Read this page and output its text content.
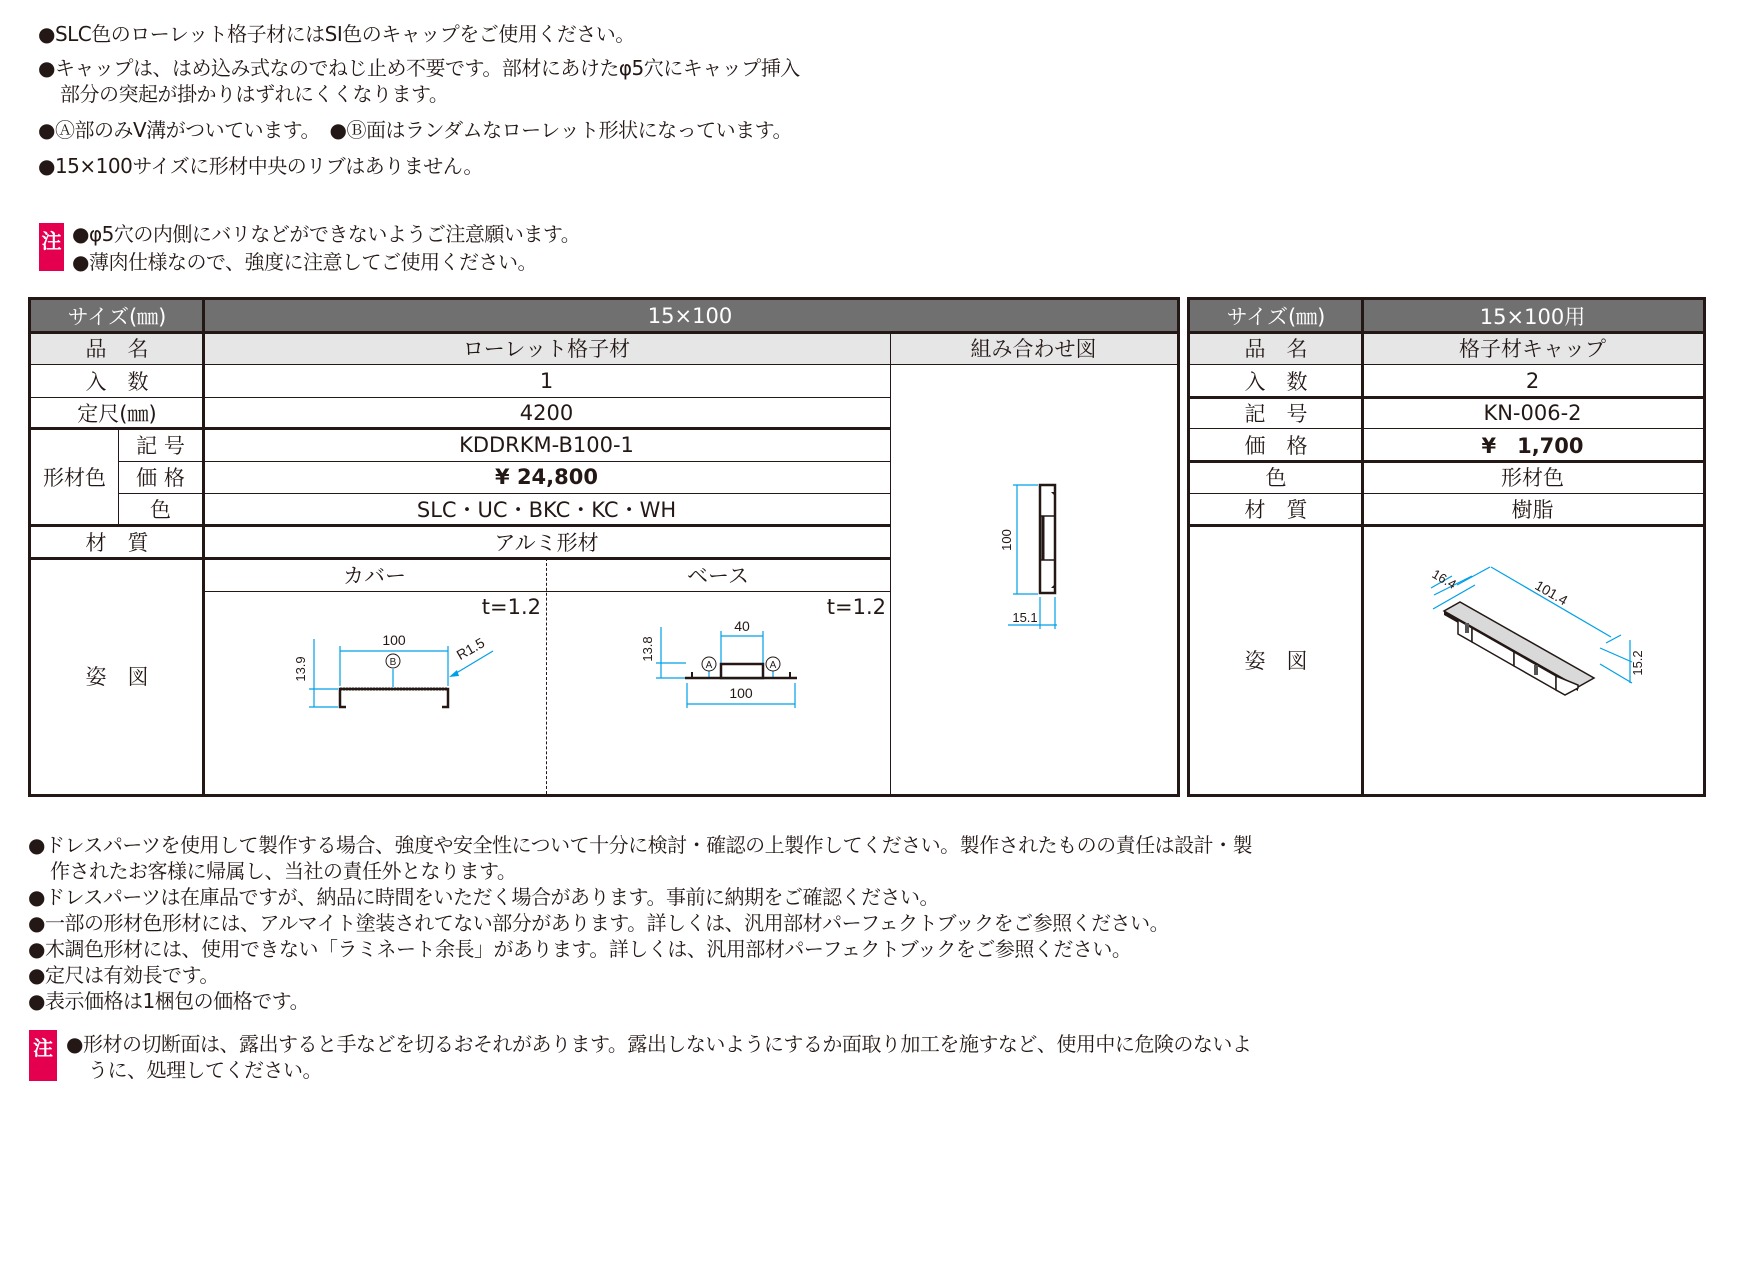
● SLC色のローレット格子材にはSI色のキャップをご使用ください。
● キャップは、はめ込み式なのでねじ止め不要です。部材にあけたφ5穴にキャップ挿入
部分の突起が掛かりはずれにくくなります。
● Ⓐ部のみV溝がついています。　●Ⓑ面はランダムなローレット形状になっています。
● 15×100サイズに形材中央のリブはありません。
注	● φ5穴の内側にバリなどができないようご注意願います。
● 薄肉仕様なので、強度に注意してご使用ください。
サイズ(㎜)	15×100
品　名	ローレット格子材	組み合わせ図
入　数	1
定尺(㎜)	4200
形材色
記 号	KDDRKM-B100-1
価 格	¥ 24,800
色	SLC・UC・BKC・KC・WH
材　質	アルミ形材
姿　図
カバー	ベース
t=1.2	t=1.2
B
100
13.9
R1.5
A	A
40
100
13.8
100
15.1
サイズ(㎜)	15×100用
品　名	格子材キャップ
入　数	2
記　号	KN-006-2
価　格	¥　1,700
色	形材色
材　質	樹脂
姿　図
16.4	101.4
15.2
● ドレスパーツを使用して製作する場合、強度や安全性について十分に検討・確認の上製作してください。製作されたものの責任は設計・製
作されたお客様に帰属し、当社の責任外となります。
● ドレスパーツは在庫品ですが、納品に時間をいただく場合があります。事前に納期をご確認ください。
● 一部の形材色形材には、アルマイト塗装されてない部分があります。詳しくは、汎用部材パーフェクトブックをご参照ください。
● 木調色形材には、使用できない「ラミネート余長」があります。詳しくは、汎用部材パーフェクトブックをご参照ください。
● 定尺は有効長です。
● 表示価格は1梱包の価格です。
注	● 形材の切断面は、露出すると手などを切るおそれがあります。露出しないようにするか面取り加工を施すなど、使用中に危険のないよ
うに、処理してください。
